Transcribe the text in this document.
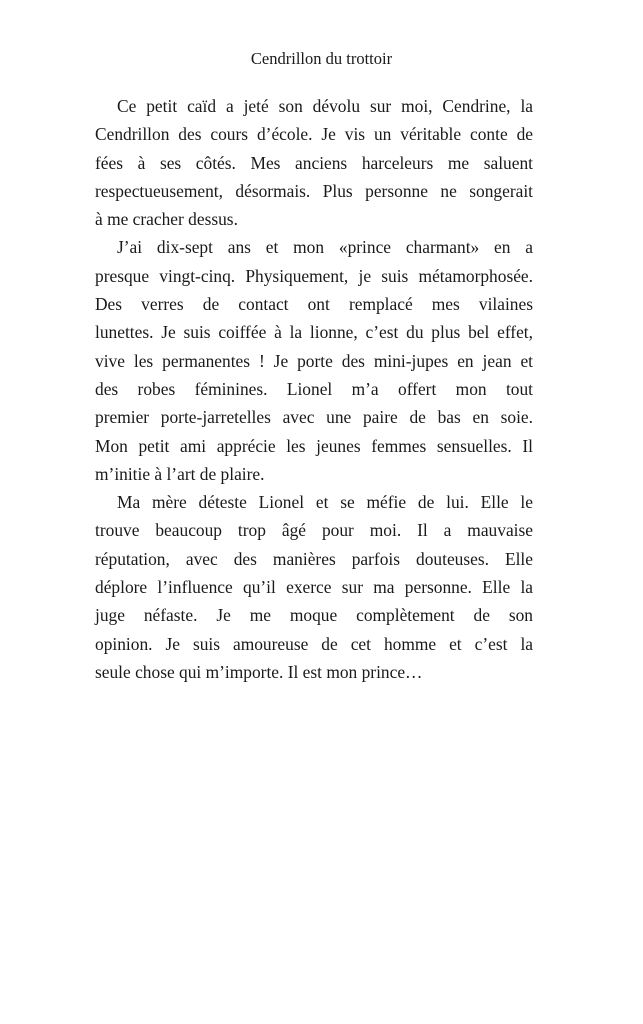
Cendrillon du trottoir
Ce petit caïd a jeté son dévolu sur moi, Cendrine, la
Cendrillon des cours d’école. Je vis un véritable conte de
fées à ses côtés. Mes anciens harceleurs me saluent
respectueusement, désormais. Plus personne ne songerait
à me cracher dessus.
J’ai dix-sept ans et mon «prince charmant» en a
presque vingt-cinq. Physiquement, je suis métamorphosée.
Des verres de contact ont remplacé mes vilaines
lunettes. Je suis coiffée à la lionne, c’est du plus bel effet,
vive les permanentes ! Je porte des mini-jupes en jean et
des robes féminines. Lionel m’a offert mon tout
premier porte-jarretelles avec une paire de bas en soie.
Mon petit ami apprécie les jeunes femmes sensuelles. Il
m’initie à l’art de plaire.
Ma mère déteste Lionel et se méfie de lui. Elle le
trouve beaucoup trop âgé pour moi. Il a mauvaise
réputation, avec des manières parfois douteuses. Elle
déplore l’influence qu’il exerce sur ma personne. Elle la
juge néfaste. Je me moque complètement de son
opinion. Je suis amoureuse de cet homme et c’est la
seule chose qui m’importe. Il est mon prince…
